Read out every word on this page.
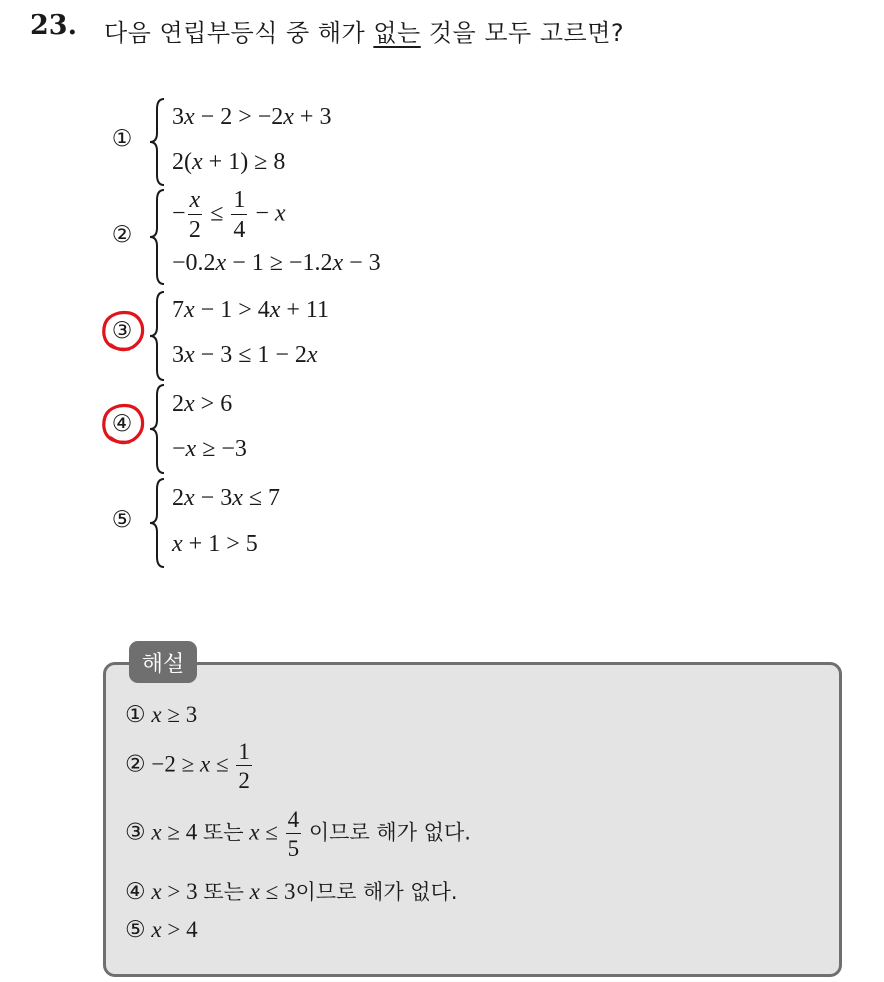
23. 다음 연립부등식 중 해가 없는 것을 모두 고르면?
①
3x − 2 > −2x + 3
2(x + 1) ≥ 8
②
− $\frac{x}{2} \le \frac{1}{4} - x$
−0.2x − 1 ≥ −1.2x − 3
③
7x − 1 > 4x + 11
3x − 3 ≤ 1 − 2x
④
2x > 6
−x ≥ −3
⑤
2x − 3x ≤ 7
x + 1 > 5
해설
① x ≥ 3
② $-2 \ge x \le \frac{1}{2}$
③ x ≥ 4 또는 $x \le \frac{4}{5}$ 이므로 해가 없다.
④ x > 3 또는 x ≤ 3이므로 해가 없다.
⑤ x > 4
